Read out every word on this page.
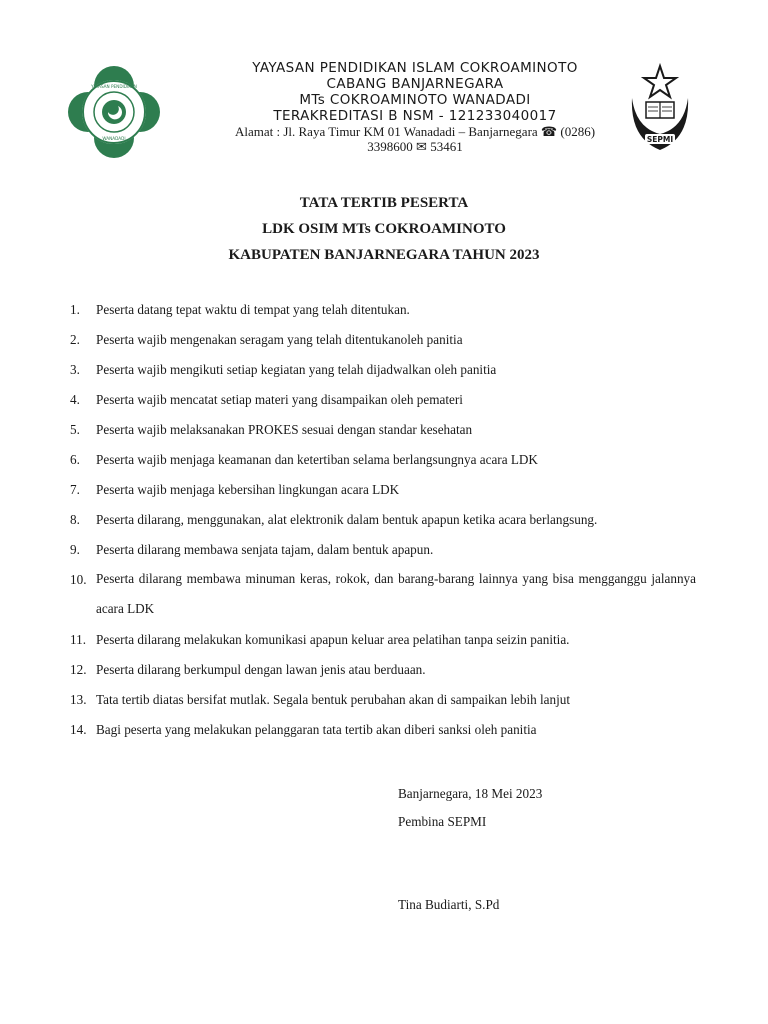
YAYASAN PENDIDIKAN
WANADADI
YAYASAN PENDIDIKAN ISLAM COKROAMINOTO
CABANG BANJARNEGARA
MTs COKROAMINOTO WANADADI
TERAKREDITASI B NSM - 121233040017
Alamat : Jl. Raya Timur KM 01 Wanadadi – Banjarnegara ☎ (0286)
3398600 ✉ 53461	SEPMI
TATA TERTIB PESERTA
LDK OSIM MTs COKROAMINOTO
KABUPATEN BANJARNEGARA TAHUN 2023
1.	Peserta datang tepat waktu di tempat yang telah ditentukan.
2.	Peserta wajib mengenakan seragam yang telah ditentukanoleh panitia
3.	Peserta wajib mengikuti setiap kegiatan yang telah dijadwalkan oleh panitia
4.	Peserta wajib mencatat setiap materi yang disampaikan oleh pemateri
5.	Peserta wajib melaksanakan PROKES sesuai dengan standar kesehatan
6.	Peserta wajib menjaga keamanan dan ketertiban selama berlangsungnya acara LDK
7.	Peserta wajib menjaga kebersihan lingkungan acara LDK
8.	Peserta dilarang, menggunakan, alat elektronik dalam bentuk apapun ketika acara berlangsung.
9.	Peserta dilarang membawa senjata tajam, dalam bentuk apapun.
10. Peserta dilarang membawa minuman keras, rokok, dan barang-barang lainnya yang bisa mengganggu jalannya acara LDK
11. Peserta dilarang melakukan komunikasi apapun keluar area pelatihan tanpa seizin panitia.
12. Peserta dilarang berkumpul dengan lawan jenis atau berduaan.
13. Tata tertib diatas bersifat mutlak. Segala bentuk perubahan akan di sampaikan lebih lanjut
14. Bagi peserta yang melakukan pelanggaran tata tertib akan diberi sanksi oleh panitia
Banjarnegara, 18 Mei 2023
Pembina SEPMI
Tina Budiarti, S.Pd
